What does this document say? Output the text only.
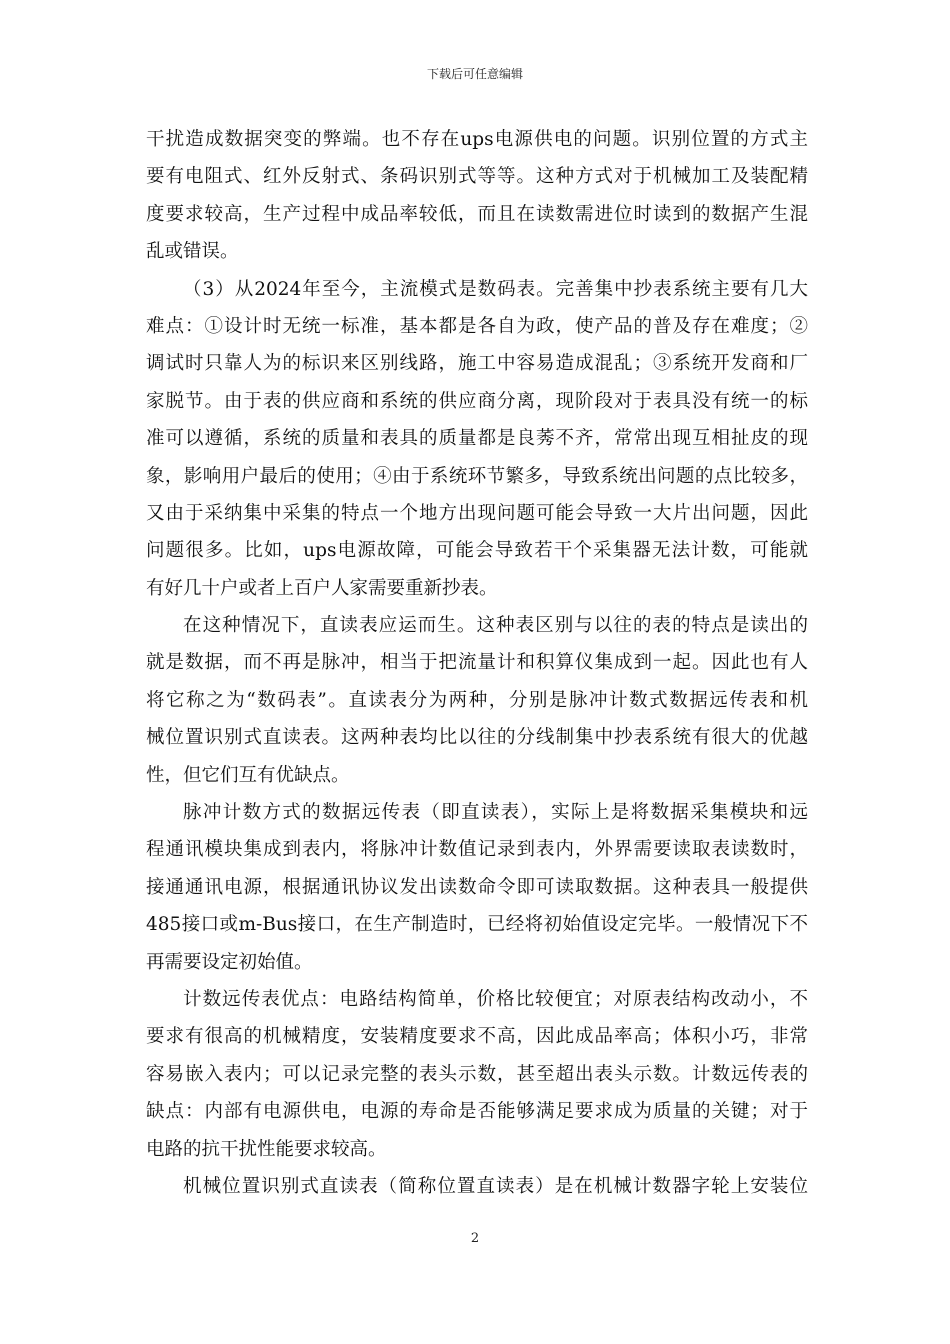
下载后可任意编辑
干扰造成数据突变的弊端。也不存在ups电源供电的问题。识别位置的方式主
要有电阻式、红外反射式、条码识别式等等。这种方式对于机械加工及装配精
度要求较高，生产过程中成品率较低，而且在读数需进位时读到的数据产生混
乱或错误。
（3）从2024年至今，主流模式是数码表。完善集中抄表系统主要有几大
难点：①设计时无统一标准，基本都是各自为政，使产品的普及存在难度；②
调试时只靠人为的标识来区别线路，施工中容易造成混乱；③系统开发商和厂
家脱节。由于表的供应商和系统的供应商分离，现阶段对于表具没有统一的标
准可以遵循，系统的质量和表具的质量都是良莠不齐，常常出现互相扯皮的现
象，影响用户最后的使用；④由于系统环节繁多，导致系统出问题的点比较多，
又由于采纳集中采集的特点一个地方出现问题可能会导致一大片出问题，因此
问题很多。比如，ups电源故障，可能会导致若干个采集器无法计数，可能就
有好几十户或者上百户人家需要重新抄表。
在这种情况下，直读表应运而生。这种表区别与以往的表的特点是读出的
就是数据，而不再是脉冲，相当于把流量计和积算仪集成到一起。因此也有人
将它称之为“数码表”。直读表分为两种，分别是脉冲计数式数据远传表和机
械位置识别式直读表。这两种表均比以往的分线制集中抄表系统有很大的优越
性，但它们互有优缺点。
脉冲计数方式的数据远传表（即直读表），实际上是将数据采集模块和远
程通讯模块集成到表内，将脉冲计数值记录到表内，外界需要读取表读数时，
接通通讯电源，根据通讯协议发出读数命令即可读取数据。这种表具一般提供
485接口或m-Bus接口，在生产制造时，已经将初始值设定完毕。一般情况下不
再需要设定初始值。
计数远传表优点：电路结构简单，价格比较便宜；对原表结构改动小，不
要求有很高的机械精度，安装精度要求不高，因此成品率高；体积小巧，非常
容易嵌入表内；可以记录完整的表头示数，甚至超出表头示数。计数远传表的
缺点：内部有电源供电，电源的寿命是否能够满足要求成为质量的关键；对于
电路的抗干扰性能要求较高。
机械位置识别式直读表（简称位置直读表）是在机械计数器字轮上安装位
2
